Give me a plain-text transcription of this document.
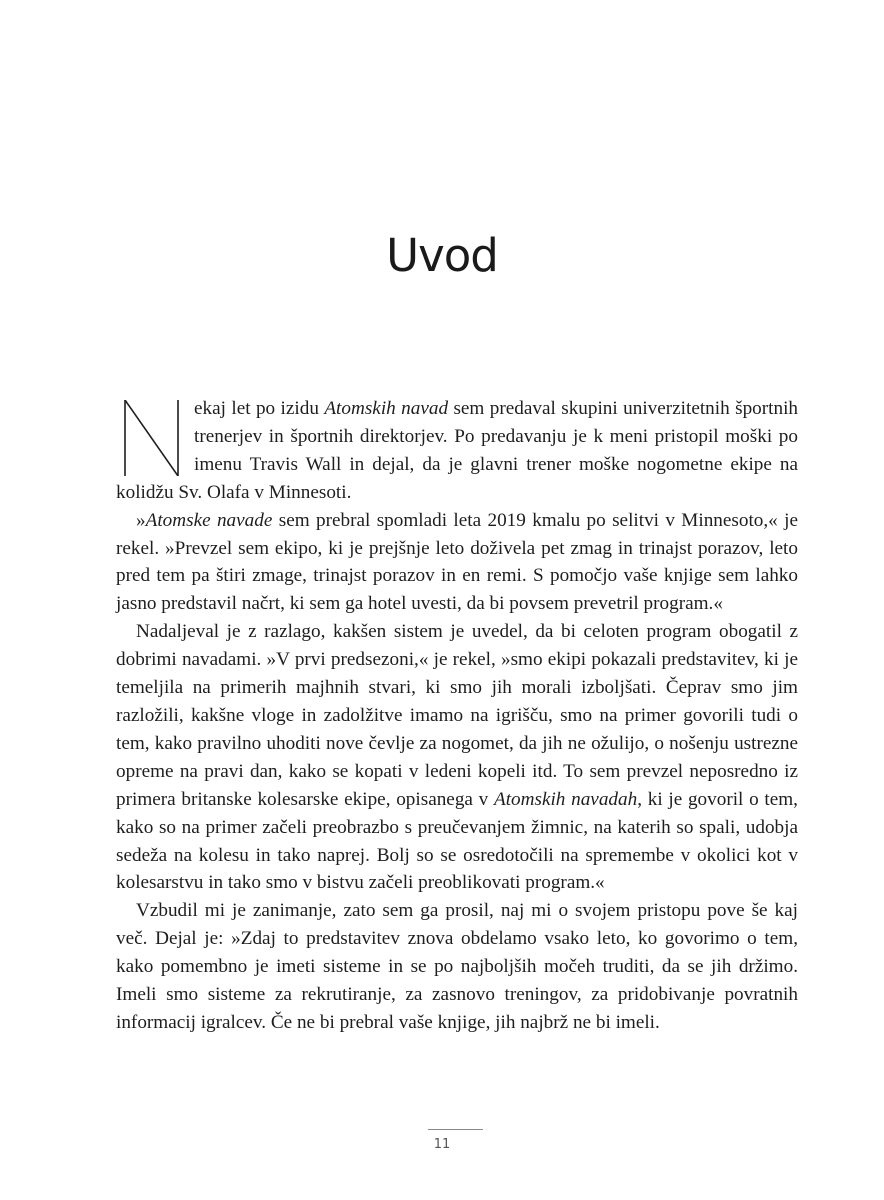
Uvod

ekaj let po izidu Atomskih navad sem predaval skupini univerzitetnih športnih trenerjev in športnih direktorjev. Po predavanju je k meni pristopil moški po imenu Travis Wall in dejal, da je glavni trener moške nogometne ekipe na kolidžu Sv. Olafa v Minnesoti.

»Atomske navade sem prebral spomladi leta 2019 kmalu po selitvi v Minnesoto,« je rekel. »Prevzel sem ekipo, ki je prejšnje leto doživela pet zmag in trinajst porazov, leto pred tem pa štiri zmage, trinajst porazov in en remi. S pomočjo vaše knjige sem lahko jasno predstavil načrt, ki sem ga hotel uvesti, da bi povsem prevetril program.«

Nadaljeval je z razlago, kakšen sistem je uvedel, da bi celoten program obogatil z dobrimi navadami. »V prvi predsezoni,« je rekel, »smo ekipi pokazali predstavitev, ki je temeljila na primerih majhnih stvari, ki smo jih morali izboljšati. Čeprav smo jim razložili, kakšne vloge in zadolžitve imamo na igrišču, smo na primer govorili tudi o tem, kako pravilno uhoditi nove čevlje za nogomet, da jih ne ožulijo, o nošenju ustrezne opreme na pravi dan, kako se kopati v ledeni kopeli itd. To sem prevzel neposredno iz primera britanske kolesarske ekipe, opisanega v Atomskih navadah, ki je govoril o tem, kako so na primer začeli preobrazbo s preučevanjem žimnic, na katerih so spali, udobja sedeža na kolesu in tako naprej. Bolj so se osredotočili na spremembe v okolici kot v kolesarstvu in tako smo v bistvu začeli preoblikovati program.«

Vzbudil mi je zanimanje, zato sem ga prosil, naj mi o svojem pristopu pove še kaj več. Dejal je: »Zdaj to predstavitev znova obdelamo vsako leto, ko govorimo o tem, kako pomembno je imeti sisteme in se po najboljših močeh truditi, da se jih držimo. Imeli smo sisteme za rekrutiranje, za zasnovo treningov, za pridobivanje povratnih informacij igralcev. Če ne bi prebral vaše knjige, jih najbrž ne bi imeli.

11
